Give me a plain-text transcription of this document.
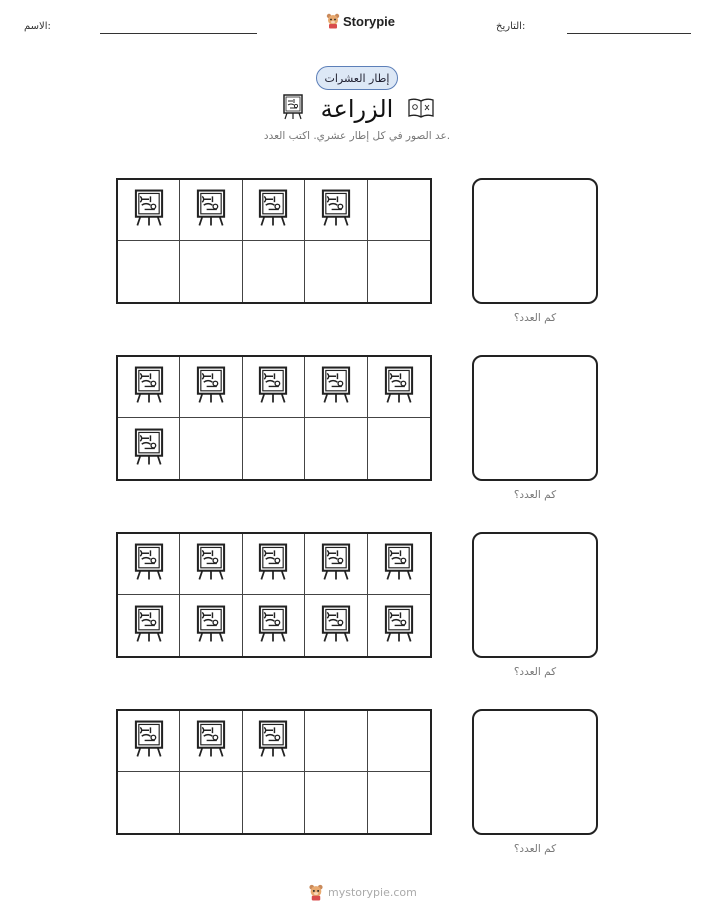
الاسم:	Storypie	التاريخ:
إطار العشرات
الزراعة
عد الصور في كل إطار عشري. اكتب العدد.
كم العدد؟
كم العدد؟
كم العدد؟
كم العدد؟
mystorypie.com
